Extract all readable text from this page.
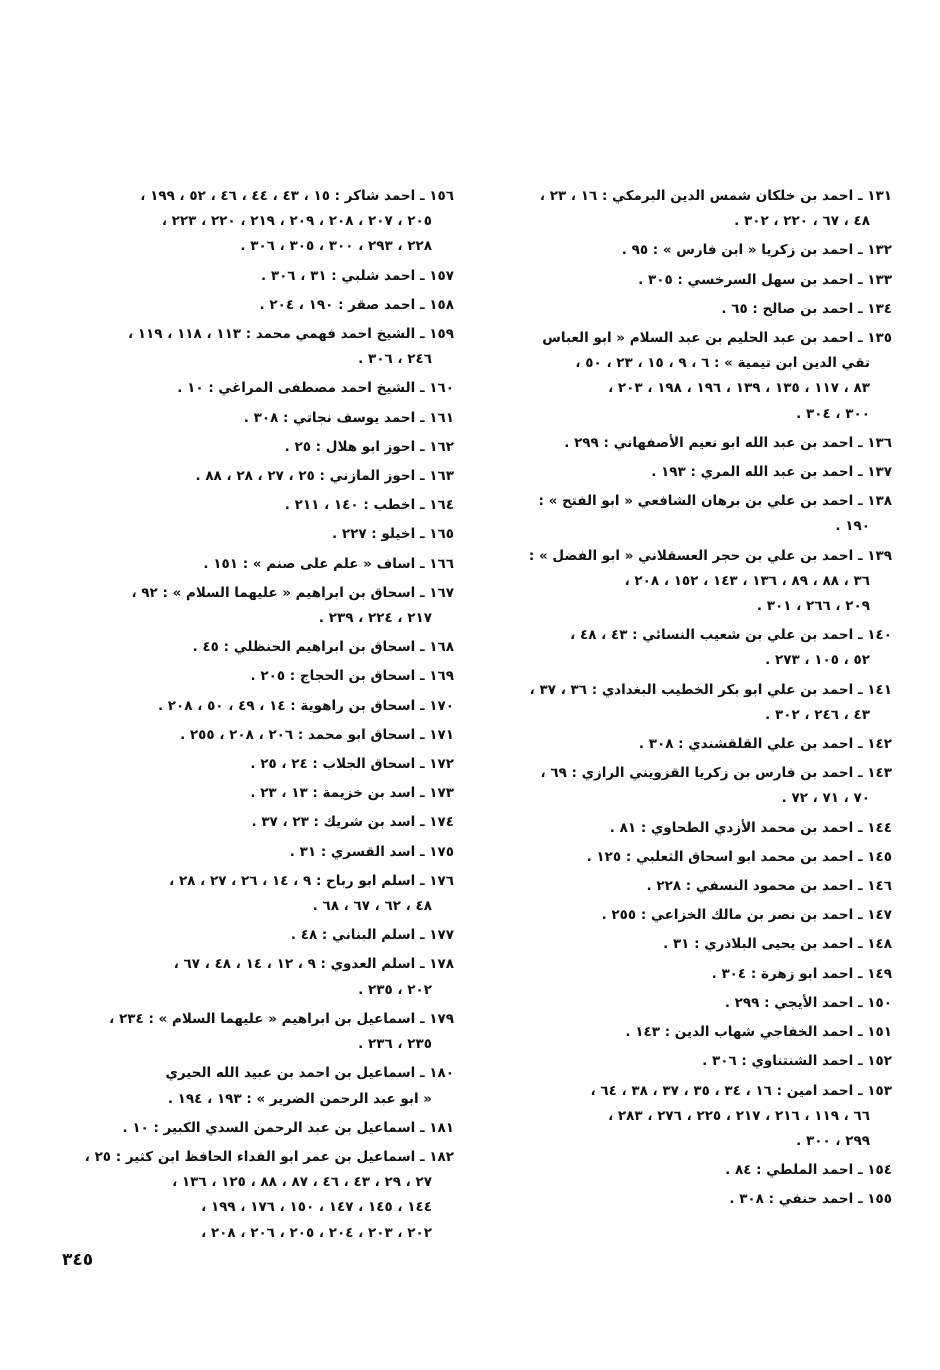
١٣١ ـ احمد بن خلكان شمس الدين البرمكي : ١٦ ، ٢٣ ،
٤٨ ، ٦٧ ، ٢٢٠ ، ٣٠٢ .
١٣٢ ـ احمد بن زكريا « ابن فارس » : ٩٥ .
١٣٣ ـ احمد بن سهل السرخسي : ٣٠٥ .
١٣٤ ـ احمد بن صالح : ٦٥ .
١٣٥ ـ احمد بن عبد الحليم بن عبد السلام « ابو العباس
تقي الدين ابن تيمية » : ٦ ، ٩ ، ١٥ ، ٢٣ ، ٥٠ ،
٨٣ ، ١١٧ ، ١٣٥ ، ١٣٩ ، ١٩٦ ، ١٩٨ ، ٢٠٣ ،
٣٠٠ ، ٣٠٤ .
١٣٦ ـ احمد بن عبد الله ابو نعيم الأصفهاني : ٢٩٩ .
١٣٧ ـ احمد بن عبد الله المري : ١٩٣ .
١٣٨ ـ احمد بن علي بن برهان الشافعي « ابو الفتح » :
١٩٠ .
١٣٩ ـ احمد بن علي بن حجر العسقلاني « ابو الفضل » :
٣٦ ، ٨٨ ، ٨٩ ، ١٣٦ ، ١٤٣ ، ١٥٢ ، ٢٠٨ ،
٢٠٩ ، ٢٦٦ ، ٣٠١ .
١٤٠ ـ احمد بن علي بن شعيب النسائي : ٤٣ ، ٤٨ ،
٥٢ ، ١٠٥ ، ٢٧٣ .
١٤١ ـ احمد بن علي ابو بكر الخطيب البغدادي : ٣٦ ، ٣٧ ،
٤٣ ، ٢٤٦ ، ٣٠٢ .
١٤٢ ـ احمد بن علي القلقشندي : ٣٠٨ .
١٤٣ ـ احمد بن فارس بن زكريا القزويني الرازي : ٦٩ ،
٧٠ ، ٧١ ، ٧٢ .
١٤٤ ـ احمد بن محمد الأزدي الطحاوي : ٨١ .
١٤٥ ـ احمد بن محمد ابو اسحاق الثعلبي : ١٢٥ .
١٤٦ ـ احمد بن محمود النسفي : ٢٢٨ .
١٤٧ ـ احمد بن نصر بن مالك الخزاعي : ٢٥٥ .
١٤٨ ـ احمد بن يحيى البلاذري : ٣١ .
١٤٩ ـ احمد ابو زهرة : ٣٠٤ .
١٥٠ ـ احمد الأيجي : ٢٩٩ .
١٥١ ـ احمد الخفاجي شهاب الدين : ١٤٣ .
١٥٢ ـ احمد الشنتناوي : ٣٠٦ .
١٥٣ ـ احمد امين : ١٦ ، ٣٤ ، ٣٥ ، ٣٧ ، ٣٨ ، ٦٤ ،
٦٦ ، ١١٩ ، ٢١٦ ، ٢١٧ ، ٢٢٥ ، ٢٧٦ ، ٢٨٣ ،
٢٩٩ ، ٣٠٠ .
١٥٤ ـ احمد الملطي : ٨٤ .
١٥٥ ـ احمد حنفي : ٣٠٨ .
١٥٦ ـ احمد شاكر : ١٥ ، ٤٣ ، ٤٤ ، ٤٦ ، ٥٢ ، ١٩٩ ،
٢٠٥ ، ٢٠٧ ، ٢٠٨ ، ٢٠٩ ، ٢١٩ ، ٢٢٠ ، ٢٢٣ ،
٢٢٨ ، ٢٩٣ ، ٣٠٠ ، ٣٠٥ ، ٣٠٦ .
١٥٧ ـ احمد شلبي : ٣١ ، ٣٠٦ .
١٥٨ ـ احمد صقر : ١٩٠ ، ٢٠٤ .
١٥٩ ـ الشيخ احمد فهمي محمد : ١١٣ ، ١١٨ ، ١١٩ ،
٢٤٦ ، ٣٠٦ .
١٦٠ ـ الشيخ احمد مصطفى المراغي : ١٠ .
١٦١ ـ احمد يوسف نجاتي : ٣٠٨ .
١٦٢ ـ احوز ابو هلال : ٢٥ .
١٦٣ ـ احوز المازني : ٢٥ ، ٢٧ ، ٢٨ ، ٨٨ .
١٦٤ ـ اخطب : ١٤٠ ، ٢١١ .
١٦٥ ـ اخيلو : ٢٢٧ .
١٦٦ ـ اساف « علم على صنم » : ١٥١ .
١٦٧ ـ اسحاق بن ابراهيم « عليهما السلام » : ٩٢ ،
٢١٧ ، ٢٢٤ ، ٢٣٩ .
١٦٨ ـ اسحاق بن ابراهيم الحنظلي : ٤٥ .
١٦٩ ـ اسحاق بن الحجاج : ٢٠٥ .
١٧٠ ـ اسحاق بن راهوية : ١٤ ، ٤٩ ، ٥٠ ، ٢٠٨ .
١٧١ ـ اسحاق ابو محمد : ٢٠٦ ، ٢٠٨ ، ٢٥٥ .
١٧٢ ـ اسحاق الجلاب : ٢٤ ، ٢٥ .
١٧٣ ـ اسد بن خزيمة : ١٣ ، ٢٣ .
١٧٤ ـ اسد بن شريك : ٢٣ ، ٣٧ .
١٧٥ ـ اسد القسري : ٣١ .
١٧٦ ـ اسلم ابو رباح : ٩ ، ١٤ ، ٢٦ ، ٢٧ ، ٢٨ ،
٤٨ ، ٦٢ ، ٦٧ ، ٦٨ .
١٧٧ ـ اسلم البناني : ٤٨ .
١٧٨ ـ اسلم العدوي : ٩ ، ١٢ ، ١٤ ، ٤٨ ، ٦٧ ،
٢٠٢ ، ٢٣٥ .
١٧٩ ـ اسماعيل بن ابراهيم « عليهما السلام » : ٢٣٤ ،
٢٣٥ ، ٢٣٦ .
١٨٠ ـ اسماعيل بن احمد بن عبيد الله الحيري
« ابو عبد الرحمن الضرير » : ١٩٣ ، ١٩٤ .
١٨١ ـ اسماعيل بن عبد الرحمن السدي الكبير : ١٠ .
١٨٢ ـ اسماعيل بن عمر ابو الفداء الحافظ ابن كثير : ٢٥ ،
٢٧ ، ٢٩ ، ٤٣ ، ٤٦ ، ٨٧ ، ٨٨ ، ١٢٥ ، ١٣٦ ،
١٤٤ ، ١٤٥ ، ١٤٧ ، ١٥٠ ، ١٧٦ ، ١٩٩ ،
٢٠٢ ، ٢٠٣ ، ٢٠٤ ، ٢٠٥ ، ٢٠٦ ، ٢٠٨ ،
٣٤٥
